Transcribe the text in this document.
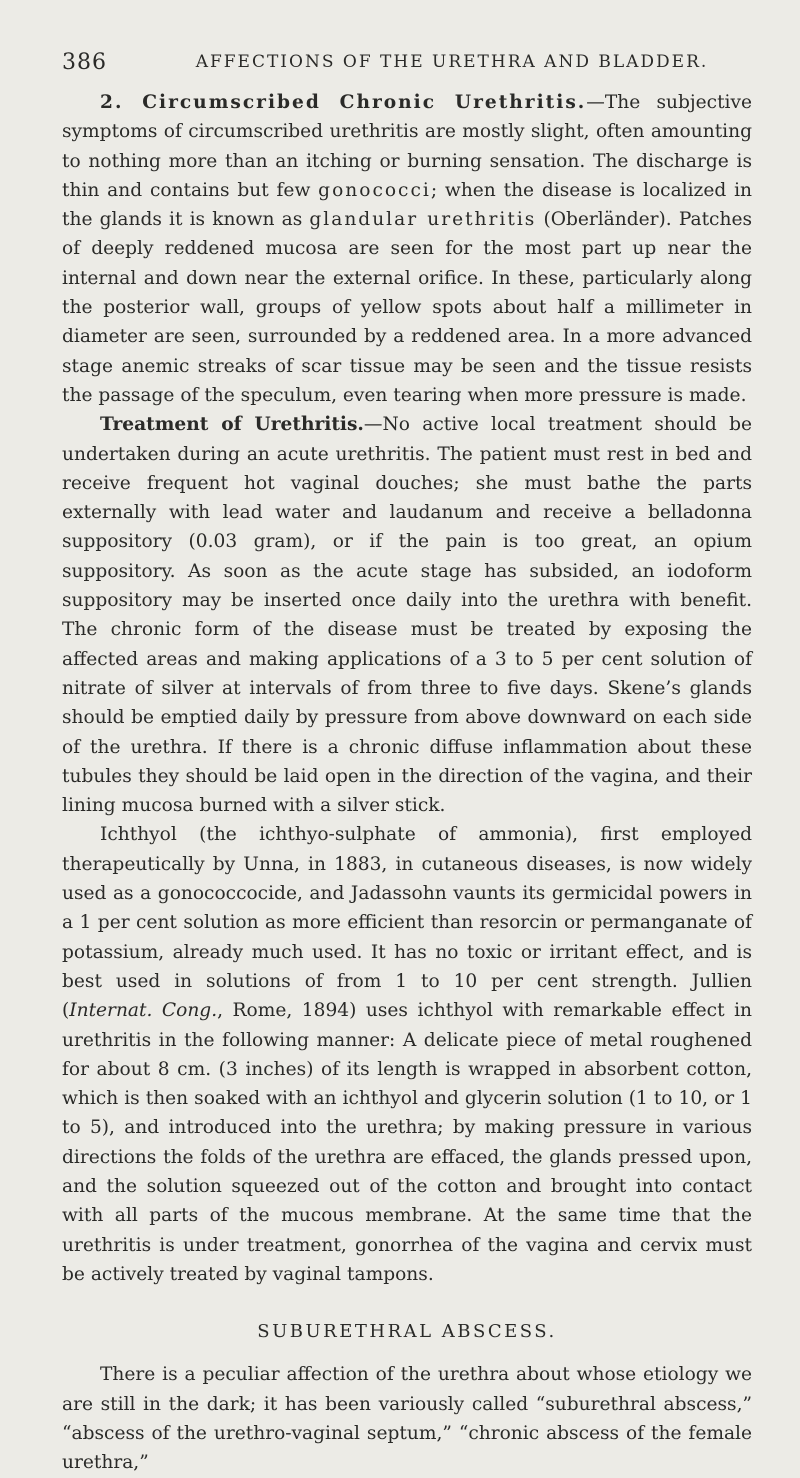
386	AFFECTIONS OF THE URETHRA AND BLADDER.

2. Circumscribed Chronic Urethritis.—The subjective symptoms of circumscribed urethritis are mostly slight, often amounting to nothing more than an itching or burning sensation. The discharge is thin and contains but few gonococci; when the disease is localized in the glands it is known as glandular urethritis (Oberländer). Patches of deeply reddened mucosa are seen for the most part up near the internal and down near the external orifice. In these, particularly along the posterior wall, groups of yellow spots about half a millimeter in diameter are seen, surrounded by a reddened area. In a more advanced stage anemic streaks of scar tissue may be seen and the tissue resists the passage of the speculum, even tearing when more pressure is made.

Treatment of Urethritis.—No active local treatment should be undertaken during an acute urethritis. The patient must rest in bed and receive frequent hot vaginal douches; she must bathe the parts externally with lead water and laudanum and receive a belladonna suppository (0.03 gram), or if the pain is too great, an opium suppository. As soon as the acute stage has subsided, an iodoform suppository may be inserted once daily into the urethra with benefit. The chronic form of the disease must be treated by exposing the affected areas and making applications of a 3 to 5 per cent solution of nitrate of silver at intervals of from three to five days. Skene’s glands should be emptied daily by pressure from above downward on each side of the urethra. If there is a chronic diffuse inflammation about these tubules they should be laid open in the direction of the vagina, and their lining mucosa burned with a silver stick.

Ichthyol (the ichthyo-sulphate of ammonia), first employed therapeutically by Unna, in 1883, in cutaneous diseases, is now widely used as a gonococcocide, and Jadassohn vaunts its germicidal powers in a 1 per cent solution as more efficient than resorcin or permanganate of potassium, already much used. It has no toxic or irritant effect, and is best used in solutions of from 1 to 10 per cent strength. Jullien (Internat. Cong., Rome, 1894) uses ichthyol with remarkable effect in urethritis in the following manner: A delicate piece of metal roughened for about 8 cm. (3 inches) of its length is wrapped in absorbent cotton, which is then soaked with an ichthyol and glycerin solution (1 to 10, or 1 to 5), and introduced into the urethra; by making pressure in various directions the folds of the urethra are effaced, the glands pressed upon, and the solution squeezed out of the cotton and brought into contact with all parts of the mucous membrane. At the same time that the urethritis is under treatment, gonorrhea of the vagina and cervix must be actively treated by vaginal tampons.

SUBURETHRAL ABSCESS.

There is a peculiar affection of the urethra about whose etiology we are still in the dark; it has been variously called “suburethral abscess,” “abscess of the urethro-vaginal septum,” “chronic abscess of the female urethra,”
